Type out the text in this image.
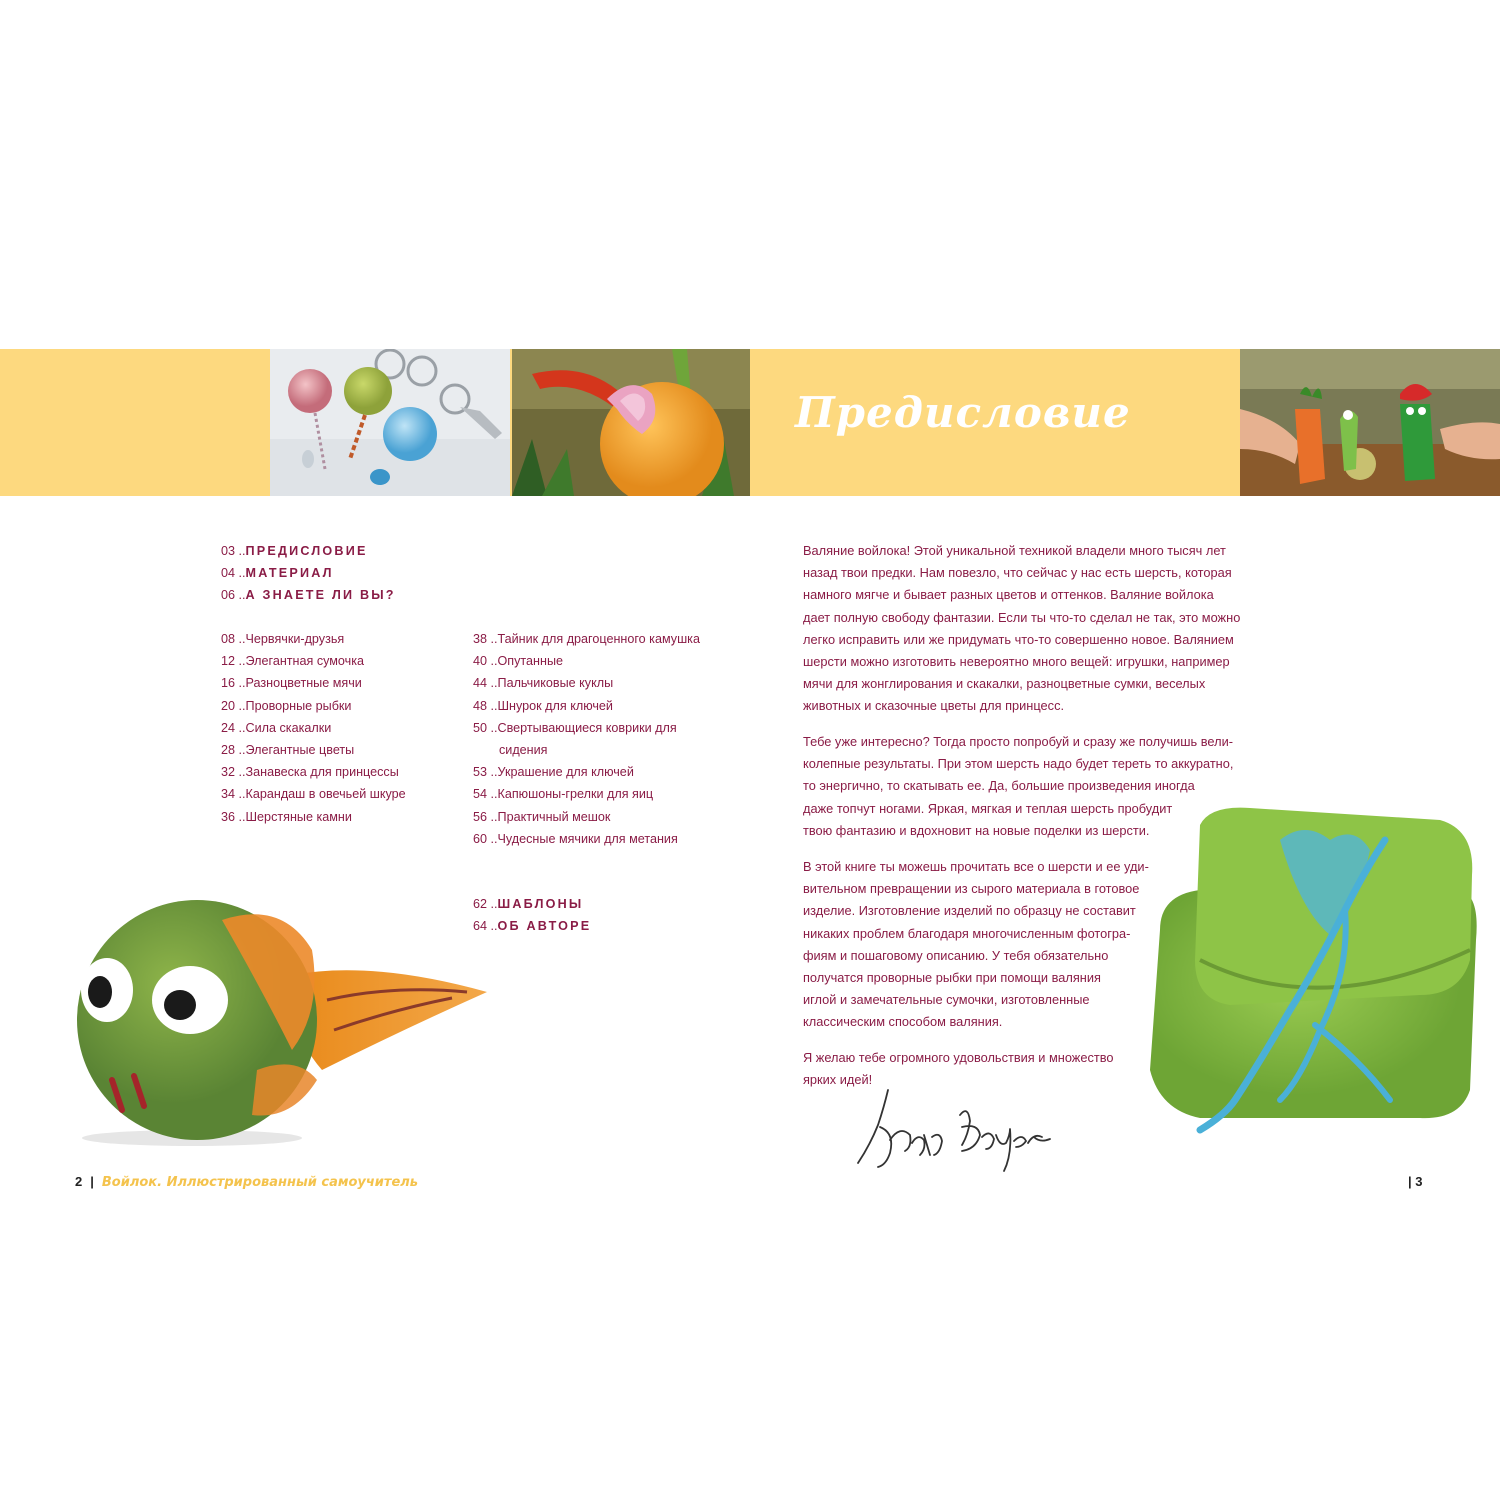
Предисловие
03 ..ПРЕДИСЛОВИЕ
04 ..МАТЕРИАЛ
06 ..А ЗНАЕТЕ ЛИ ВЫ?
08 ..Червячки-друзья
12 ..Элегантная сумочка
16 ..Разноцветные мячи
20 ..Проворные рыбки
24 ..Сила скакалки
28 ..Элегантные цветы
32 ..Занавеска для принцессы
34 ..Карандаш в овечьей шкуре
36 ..Шерстяные камни
38 ..Тайник для драгоценного камушка
40 ..Опутанные
44 ..Пальчиковые куклы
48 ..Шнурок для ключей
50 ..Свертывающиеся коврики для
сидения
53 ..Украшение для ключей
54 ..Капюшоны-грелки для яиц
56 ..Практичный мешок
60 ..Чудесные мячики для метания
62 ..ШАБЛОНЫ
64 ..ОБ АВТОРЕ
Валяние войлока! Этой уникальной техникой владели много тысяч лет
назад твои предки. Нам повезло, что сейчас у нас есть шерсть, которая
намного мягче и бывает разных цветов и оттенков. Валяние войлока
дает полную свободу фантазии. Если ты что-то сделал не так, это можно
легко исправить или же придумать что-то совершенно новое. Валянием
шерсти можно изготовить невероятно много вещей: игрушки, например
мячи для жонглирования и скакалки, разноцветные сумки, веселых
животных и сказочные цветы для принцесс.
Тебе уже интересно? Тогда просто попробуй и сразу же получишь вели-
колепные результаты. При этом шерсть надо будет тереть то аккуратно,
то энергично, то скатывать ее. Да, большие произведения иногда
даже топчут ногами. Яркая, мягкая и теплая шерсть пробудит
твою фантазию и вдохновит на новые поделки из шерсти.
В этой книге ты можешь прочитать все о шерсти и ее уди-
вительном превращении из сырого материала в готовое
изделие. Изготовление изделий по образцу не составит
никаких проблем благодаря многочисленным фотогра-
фиям и пошаговому описанию. У тебя обязательно
получатся проворные рыбки при помощи валяния
иглой и замечательные сумочки, изготовленные
классическим способом валяния.
Я желаю тебе огромного удовольствия и множество
ярких идей!
2 | Войлок. Иллюстрированный самоучитель	| 3
